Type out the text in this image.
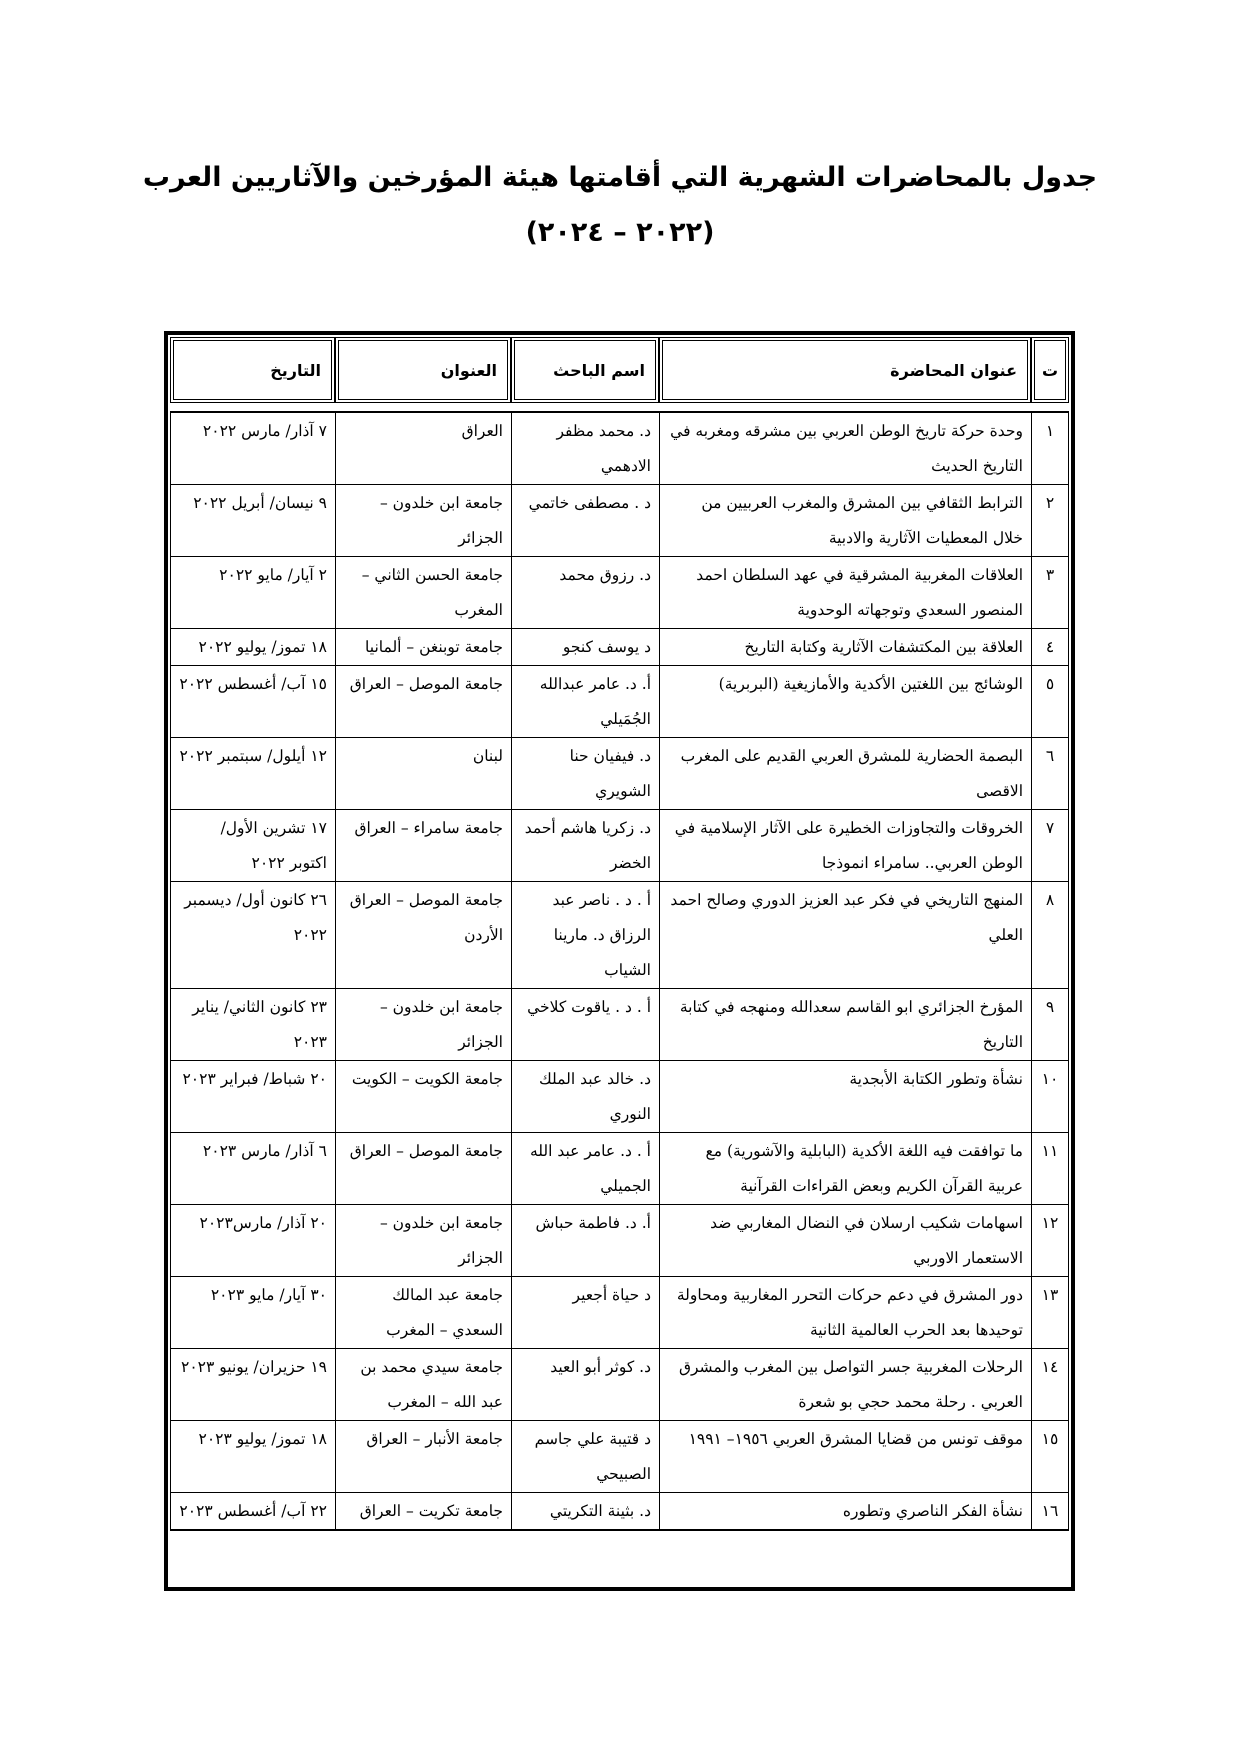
جدول بالمحاضرات الشهرية التي أقامتها هيئة المؤرخين والآثاريين العرب
(٢٠٢٢ – ٢٠٢٤)
ت	عنوان المحاضرة	اسم الباحث	العنوان	التاريخ

١	وحدة حركة تاريخ الوطن العربي بين مشرقه ومغربه في التاريخ الحديث	د. محمد مظفر الادهمي	العراق	٧ آذار/ مارس ٢٠٢٢
٢	الترابط الثقافي بين المشرق والمغرب العربيين من خلال المعطيات الآثارية والادبية	د . مصطفى خاتمي	جامعة ابن خلدون – الجزائر	٩ نيسان/ أبريل ٢٠٢٢
٣	العلاقات المغربية المشرقية في عهد السلطان احمد المنصور السعدي وتوجهاته الوحدوية	د. رزوق محمد	جامعة الحسن الثاني – المغرب	٢ آيار/ مايو ٢٠٢٢
٤	العلاقة بين المكتشفات الآثارية وكتابة التاريخ	د يوسف كنجو	جامعة توبنغن – ألمانيا	١٨ تموز/ يوليو ٢٠٢٢
٥	الوشائج بين اللغتين الأكدية والأمازيغية (البربرية)	أ. د. عامر عبدالله الجُمَيلي	جامعة الموصل – العراق	١٥ آب/ أغسطس ٢٠٢٢
٦	البصمة الحضارية للمشرق العربي القديم على المغرب الاقصى	د. فيفيان حنا الشويري	لبنان	١٢ أيلول/ سبتمبر ٢٠٢٢
٧	الخروقات والتجاوزات الخطيرة على الآثار الإسلامية في الوطن العربي.. سامراء انموذجا	د. زكريا هاشم أحمد الخضر	جامعة سامراء – العراق	١٧ تشرين الأول/ اكتوبر ٢٠٢٢
٨	المنهج التاريخي في فكر عبد العزيز الدوري وصالح احمد العلي	أ . د . ناصر عبد الرزاق د. مارينا الشياب	جامعة الموصل – العراق الأردن	٢٦ كانون أول/ ديسمبر ٢٠٢٢
٩	المؤرخ الجزائري ابو القاسم سعدالله ومنهجه في كتابة التاريخ	أ . د . ياقوت كلاخي	جامعة ابن خلدون – الجزائر	٢٣ كانون الثاني/ يناير ٢٠٢٣
١٠	نشأة وتطور الكتابة الأبجدية	د. خالد عبد الملك النوري	جامعة الكويت – الكويت	٢٠ شباط/ فبراير ٢٠٢٣
١١	ما توافقت فيه اللغة الأكدية (البابلية والآشورية) مع عربية القرآن الكريم وبعض القراءات القرآنية	أ . د. عامر عبد الله الجميلي	جامعة الموصل – العراق	٦ آذار/ مارس ٢٠٢٣
١٢	اسهامات شكيب ارسلان في النضال المغاربي ضد الاستعمار الاوربي	أ. د. فاطمة حباش	جامعة ابن خلدون – الجزائر	٢٠ آذار/ مارس٢٠٢٣
١٣	دور المشرق في دعم حركات التحرر المغاربية ومحاولة توحيدها بعد الحرب العالمية الثانية	د حياة أجعير	جامعة عبد المالك السعدي – المغرب	٣٠ آيار/ مايو ٢٠٢٣
١٤	الرحلات المغربية جسر التواصل بين المغرب والمشرق العربي . رحلة محمد حجي بو شعرة	د. كوثر أبو العيد	جامعة سيدي محمد بن عبد الله – المغرب	١٩ حزيران/ يونيو ٢٠٢٣
١٥	موقف تونس من قضايا المشرق العربي ١٩٥٦– ١٩٩١	د قتيبة علي جاسم الصبيحي	جامعة الأنبار – العراق	١٨ تموز/ يوليو ٢٠٢٣
١٦	نشأة الفكر الناصري وتطوره	د. بثينة التكريتي	جامعة تكريت – العراق	٢٢ آب/ أغسطس ٢٠٢٣
